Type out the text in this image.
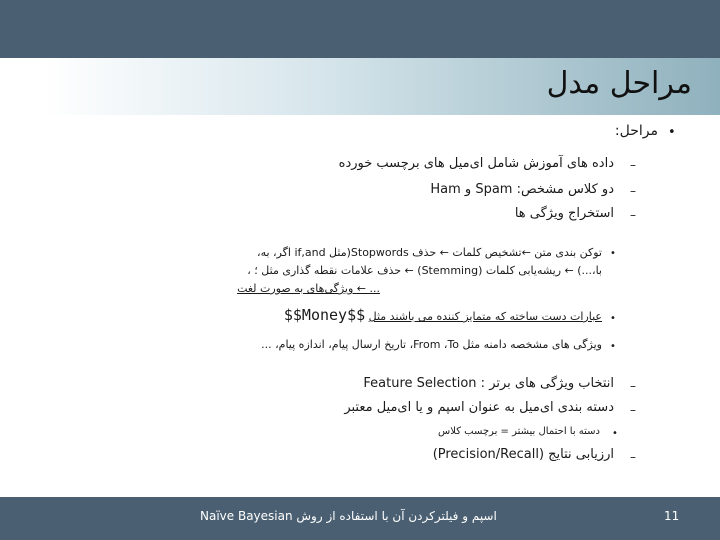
مراحل مدل
•
مراحل:
–
داده های آموزش شامل ای‌میل های برچسب خورده
–
دو کلاس مشخص: Spam و Ham
–
استخراج ویژگی ها
•
توکن بندی متن ←تشخیص کلمات ← حذف Stopwords(مثل if,and اگر، به،
با،...) ← ریشه‌یابی کلمات (Stemming) ← حذف علامات نقطه گذاری مثل ؛ ،
... ← ویژگی‌های به صورت لغت
•
عبارات دست ساخته که متمایز کننده می باشند مثل $$Money$$
•
ویژگی های مشخصه دامنه مثل From ،To، تاریخ ارسال پیام، اندازه پیام، ...
–
انتخاب ویژگی های برتر : Feature Selection
–
دسته بندی ای‌میل به عنوان اسپم و یا ای‌میل معتبر
•
دسته با احتمال بیشتر = برچسب کلاس
–
ارزیابی نتایج (Precision/Recall)
اسپم و فیلترکردن آن با استفاده از روش Naïve Bayesian	11
